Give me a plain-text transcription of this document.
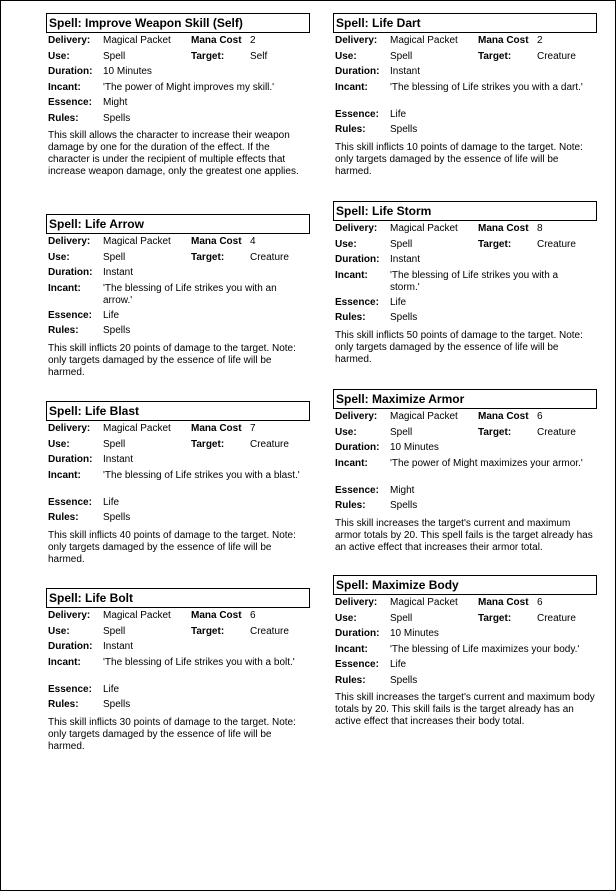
Spell: Improve Weapon Skill (Self)
Delivery: Magical Packet Mana Cost 2
Use:	Spell	Target:	Self
Duration: 10 Minutes
Incant: 'The power of Might improves my skill.'
Essence: Might
Rules: Spells
This skill allows the character to increase their weapon damage by one for the duration of the effect. If the character is under the recipient of multiple effects that increase weapon damage, only the greatest one applies.
Spell: Life Arrow
Delivery: Magical Packet Mana Cost 4
Use:	Spell	Target:	Creature
Duration: Instant
Incant: 'The blessing of Life strikes you with an arrow.'
Essence: Life
Rules: Spells
This skill inflicts 20 points of damage to the target. Note: only targets damaged by the essence of life will be harmed.
Spell: Life Blast
Delivery: Magical Packet Mana Cost 7
Use:	Spell	Target:	Creature
Duration: Instant
Incant: 'The blessing of Life strikes you with a blast.'
Essence: Life
Rules: Spells
This skill inflicts 40 points of damage to the target. Note: only targets damaged by the essence of life will be harmed.
Spell: Life Bolt
Delivery: Magical Packet Mana Cost 6
Use:	Spell	Target:	Creature
Duration: Instant
Incant: 'The blessing of Life strikes you with a bolt.'
Essence: Life
Rules: Spells
This skill inflicts 30 points of damage to the target. Note: only targets damaged by the essence of life will be harmed.
Spell: Life Dart
Delivery: Magical Packet Mana Cost 2
Use:	Spell	Target:	Creature
Duration: Instant
Incant: 'The blessing of Life strikes you with a dart.'
Essence: Life
Rules: Spells
This skill inflicts 10 points of damage to the target. Note: only targets damaged by the essence of life will be harmed.
Spell: Life Storm
Delivery: Magical Packet Mana Cost 8
Use:	Spell	Target:	Creature
Duration: Instant
Incant: 'The blessing of Life strikes you with a storm.'
Essence: Life
Rules: Spells
This skill inflicts 50 points of damage to the target. Note: only targets damaged by the essence of life will be harmed.
Spell: Maximize Armor
Delivery: Magical Packet Mana Cost 6
Use:	Spell	Target:	Creature
Duration: 10 Minutes
Incant: 'The power of Might maximizes your armor.'
Essence: Might
Rules: Spells
This skill increases the target's current and maximum armor totals by 20. This spell fails is the target already has an active effect that increases their armor total.
Spell: Maximize Body
Delivery: Magical Packet Mana Cost 6
Use:	Spell	Target:	Creature
Duration: 10 Minutes
Incant: 'The blessing of Life maximizes your body.'
Essence: Life
Rules: Spells
This skill increases the target's current and maximum body totals by 20. This skill fails is the target already has an active effect that increases their body total.
